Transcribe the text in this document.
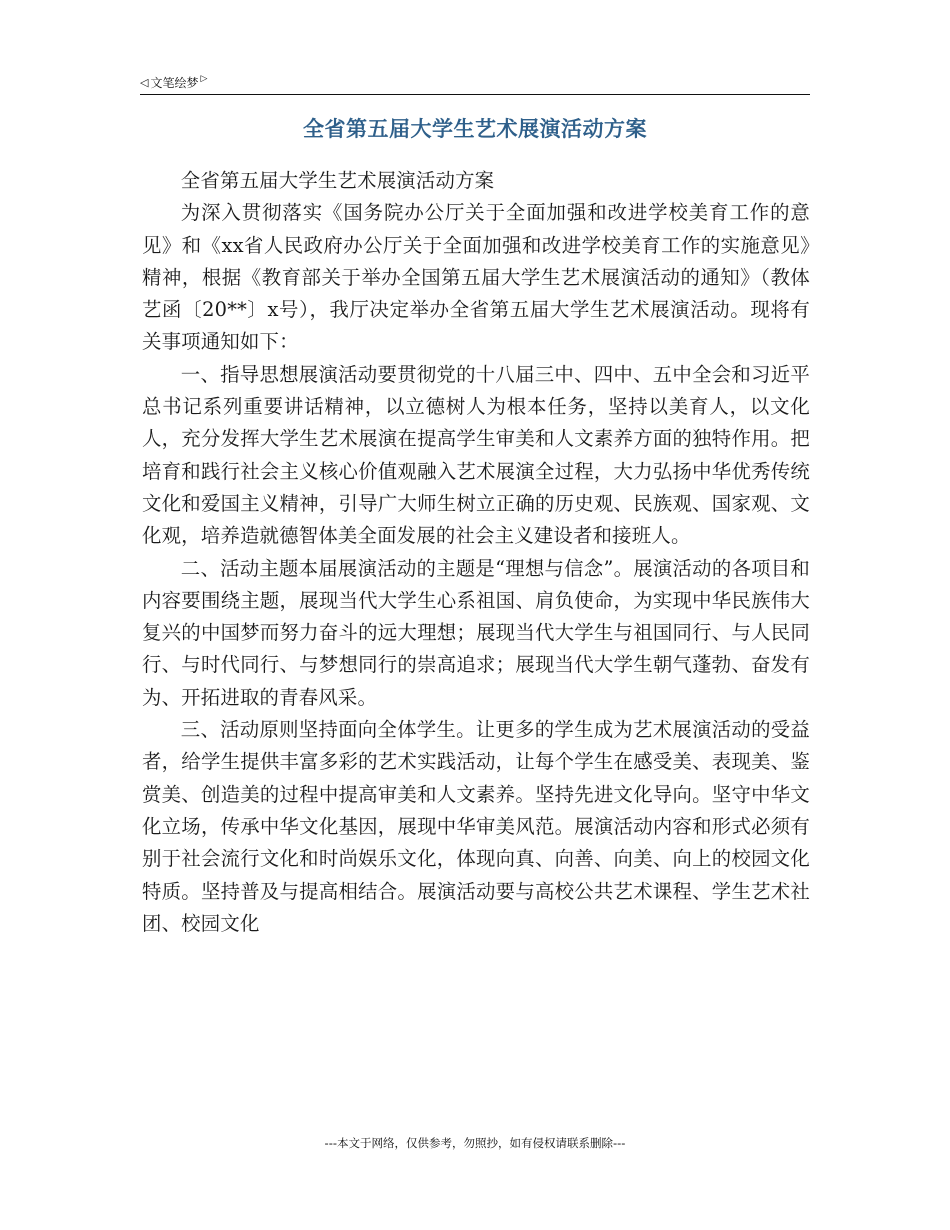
◁ 文笔绘梦 ▷
全省第五届大学生艺术展演活动方案

全省第五届大学生艺术展演活动方案

为深入贯彻落实《国务院办公厅关于全面加强和改进学校美育工作的意见》和《xx省人民政府办公厅关于全面加强和改进学校美育工作的实施意见》精神，根据《教育部关于举办全国第五届大学生艺术展演活动的通知》（教体艺函〔20**〕x号），我厅决定举办全省第五届大学生艺术展演活动。现将有关事项通知如下：

一、指导思想展演活动要贯彻党的十八届三中、四中、五中全会和习近平总书记系列重要讲话精神，以立德树人为根本任务，坚持以美育人，以文化人，充分发挥大学生艺术展演在提高学生审美和人文素养方面的独特作用。把培育和践行社会主义核心价值观融入艺术展演全过程，大力弘扬中华优秀传统文化和爱国主义精神，引导广大师生树立正确的历史观、民族观、国家观、文化观，培养造就德智体美全面发展的社会主义建设者和接班人。

二、活动主题本届展演活动的主题是“理想与信念”。展演活动的各项目和内容要围绕主题，展现当代大学生心系祖国、肩负使命，为实现中华民族伟大复兴的中国梦而努力奋斗的远大理想；展现当代大学生与祖国同行、与人民同行、与时代同行、与梦想同行的崇高追求；展现当代大学生朝气蓬勃、奋发有为、开拓进取的青春风采。

三、活动原则坚持面向全体学生。让更多的学生成为艺术展演活动的受益者，给学生提供丰富多彩的艺术实践活动，让每个学生在感受美、表现美、鉴赏美、创造美的过程中提高审美和人文素养。坚持先进文化导向。坚守中华文化立场，传承中华文化基因，展现中华审美风范。展演活动内容和形式必须有别于社会流行文化和时尚娱乐文化，体现向真、向善、向美、向上的校园文化特质。坚持普及与提高相结合。展演活动要与高校公共艺术课程、学生艺术社团、校园文化

---本文于网络，仅供参考，勿照抄，如有侵权请联系删除---
